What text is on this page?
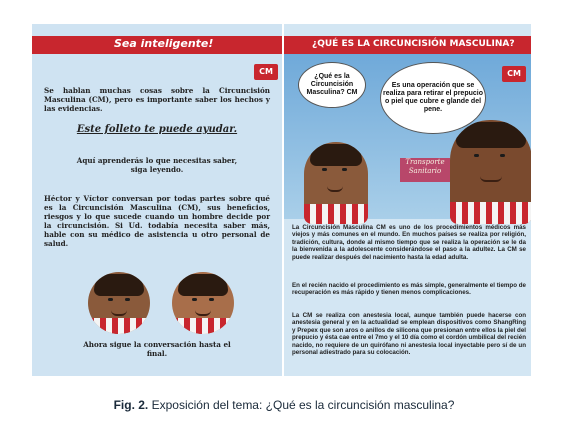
Sea inteligente!
CM
Se hablan muchas cosas sobre la Circuncisión Masculina (CM), pero es importante saber los hechos y las evidencias.
Este folleto te puede ayudar.
Aquí aprenderás lo que necesitas saber, siga leyendo.
Héctor y Víctor conversan por todas partes sobre qué es la Circuncisión Masculina (CM), sus beneficios, riesgos y lo que sucede cuando un hombre decide por la circuncisión. Si Ud. todabía necesita saber más, hable con su médico de asistencia u otro personal de salud.
Ahora sigue la conversación hasta el final.
¿QUÉ ES LA CIRCUNCISIÓN MASCULINA?
CM
¿Qué es la Circuncisión Masculina? CM
Es una operación que se realiza para retirar el prepucio o piel que cubre e glande del pene.
Transporte Sanitario
La Circuncisión Masculina CM es uno de los procedimientos médicos más viejos y más comunes en el mundo. En muchos países se realiza por religión, tradición, cultura, donde al mismo tiempo que se realiza la operación se le da la bienvenida a la adolescente considerándose el paso a la adultez. La CM se puede realizar después del nacimiento hasta la edad adulta.
En el recién nacido el procedimiento es más simple, generalmente el tiempo de recuperación es más rápido y tienen menos complicaciones.
La CM se realiza con anestesia local, aunque también puede hacerse con anestesia general y en la actualidad se emplean dispositivos como ShangRing y Prepex que son aros o anillos de silicona que presionan entre ellos la piel del prepucio y ésta cae entre el 7mo y el 10 día como el cordón umbilical del recién nacido, no requiere de un quirófano ni anestesia local inyectable pero sí de un personal adiestrado para su colocación.
Fig. 2. Exposición del tema: ¿Qué es la circuncisión masculina?
